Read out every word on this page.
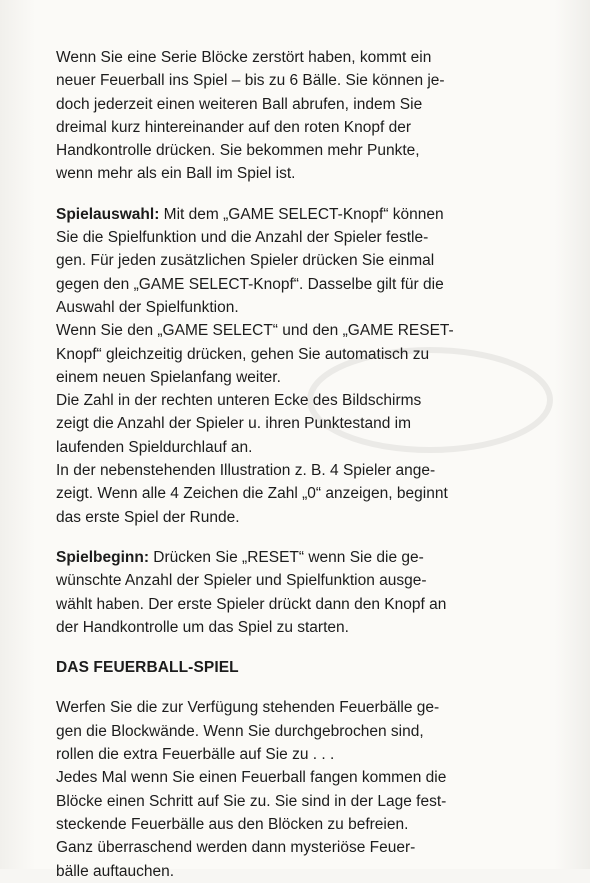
Wenn Sie eine Serie Blöcke zerstört haben, kommt ein
neuer Feuerball ins Spiel – bis zu 6 Bälle. Sie können je-
doch jederzeit einen weiteren Ball abrufen, indem Sie
dreimal kurz hintereinander auf den roten Knopf der
Handkontrolle drücken. Sie bekommen mehr Punkte,
wenn mehr als ein Ball im Spiel ist.

Spielauswahl: Mit dem „GAME SELECT-Knopf“ können
Sie die Spielfunktion und die Anzahl der Spieler festle-
gen. Für jeden zusätzlichen Spieler drücken Sie einmal
gegen den „GAME SELECT-Knopf“. Dasselbe gilt für die
Auswahl der Spielfunktion.

Wenn Sie den „GAME SELECT“ und den „GAME RESET-
Knopf“ gleichzeitig drücken, gehen Sie automatisch zu
einem neuen Spielanfang weiter.

Die Zahl in der rechten unteren Ecke des Bildschirms
zeigt die Anzahl der Spieler u. ihren Punktestand im
laufenden Spieldurchlauf an.

In der nebenstehenden Illustration z. B. 4 Spieler ange-
zeigt. Wenn alle 4 Zeichen die Zahl „0“ anzeigen, beginnt
das erste Spiel der Runde.

Spielbeginn: Drücken Sie „RESET“ wenn Sie die ge-
wünschte Anzahl der Spieler und Spielfunktion ausge-
wählt haben. Der erste Spieler drückt dann den Knopf an
der Handkontrolle um das Spiel zu starten.

DAS FEUERBALL-SPIEL

Werfen Sie die zur Verfügung stehenden Feuerbälle ge-
gen die Blockwände. Wenn Sie durchgebrochen sind,
rollen die extra Feuerbälle auf Sie zu . . .

Jedes Mal wenn Sie einen Feuerball fangen kommen die
Blöcke einen Schritt auf Sie zu. Sie sind in der Lage fest-
steckende Feuerbälle aus den Blöcken zu befreien.

Ganz überraschend werden dann mysteriöse Feuer-
bälle auftauchen.
